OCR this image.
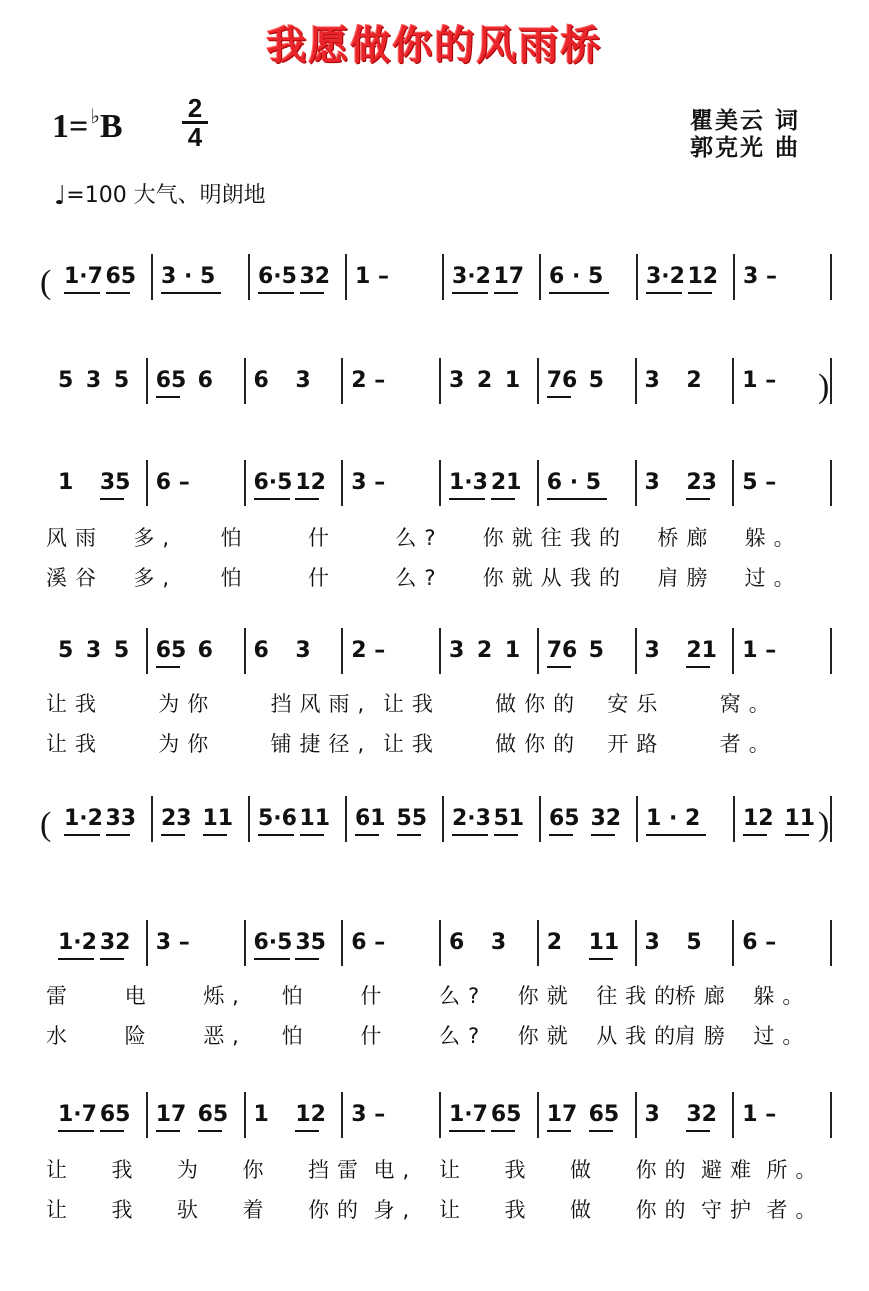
我愿做你的风雨桥
1= ♭B	2
4
瞿美云 词
郭克光 曲
♩=100 大气、明朗地
( 1·7 65 3 · 5 6·5 32 1 –	3·2 17 6 · 5 3·2 12 3 –
5 3 5 65 6 6 3 2 –	3 2 1 76 5 3 2 1 – )
1 35 6 –	6·5 12 3 –	1·3 21 6 · 5 3 23 5 –
风雨 多, 怕	什	么? 你就往 我的 桥廊 躲。
溪谷 多, 怕	什	么? 你就从 我的 肩膀 过。
5 3 5 65 6 6 3 2 –	3 2 1 76 5 3 21 1 –
让我	为你	挡风雨, 让我	做你的 安乐	窝。
让我	为你	铺捷径, 让我	做你的 开路	者。
( 1·2 33 23 11 5·6 11 61 55 2·3 51 65 32 1 · 2 12 11 )
1·2 32 3 –	6·5 35 6 –	6 3 2 11 3 5 6 –
雷 电 烁, 怕 什 么? 你就 往我的
桥廊 躲。
水 险 恶, 怕 什 么? 你就 从我的
肩膀 过。
1·7 65 17 65 1 12 3 –	1·7 65 17 65 3 32 1 –
让 我 为 你 挡雷 电, 让 我 做 你的 避难 所。
让 我 驮 着 你的 身, 让 我 做 你的 守护 者。
